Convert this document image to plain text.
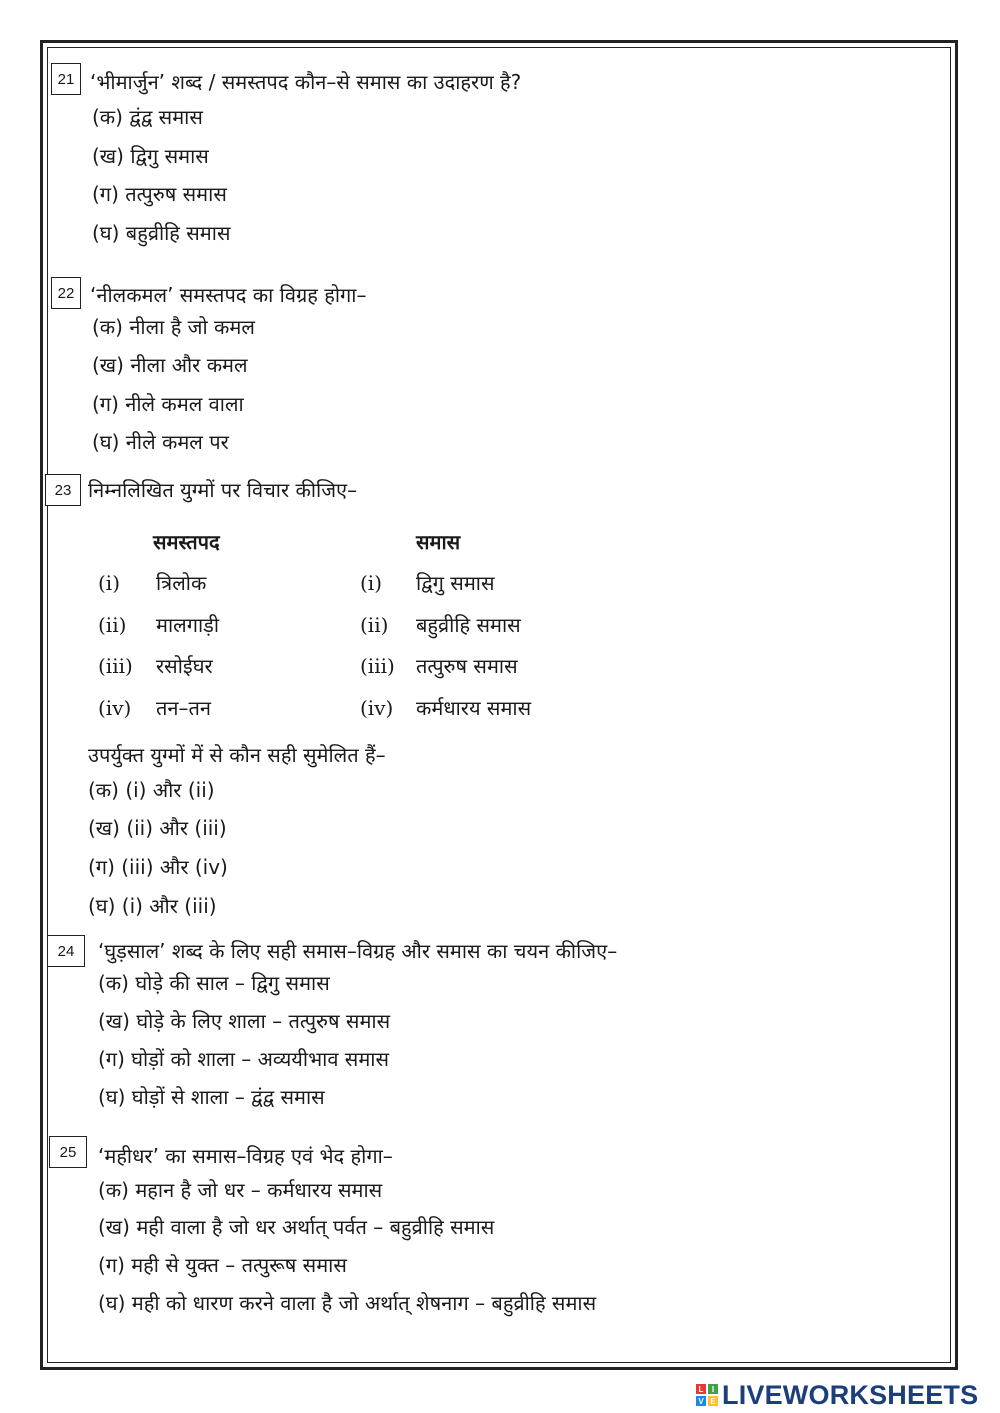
21 ‘भीमार्जुन’ शब्द / समस्तपद कौन–से समास का उदाहरण है?
(क) द्वंद्व समास
(ख) द्विगु समास
(ग) तत्पुरुष समास
(घ) बहुव्रीहि समास
22 ‘नीलकमल’ समस्तपद का विग्रह होगा–
(क) नीला है जो कमल
(ख) नीला और कमल
(ग) नीले कमल वाला
(घ) नीले कमल पर
23 निम्नलिखित युग्मों पर विचार कीजिए–
समस्तपद	समास
(i) त्रिलोक	(i) द्विगु समास
(ii) मालगाड़ी	(ii) बहुव्रीहि समास
(iii) रसोईघर	(iii) तत्पुरुष समास
(iv) तन–तन	(iv) कर्मधारय समास
उपर्युक्त युग्मों में से कौन सही सुमेलित हैं–
(क) (i) और (ii)
(ख) (ii) और (iii)
(ग) (iii) और (iv)
(घ) (i) और (iii)
24	‘घुड़साल’ शब्द के लिए सही समास–विग्रह और समास का चयन कीजिए–
(क) घोड़े की साल – द्विगु समास
(ख) घोड़े के लिए शाला – तत्पुरुष समास
(ग) घोड़ों को शाला – अव्ययीभाव समास
(घ) घोड़ों से शाला – द्वंद्व समास
25	‘महीधर’ का समास–विग्रह एवं भेद होगा–
(क) महान है जो धर – कर्मधारय समास
(ख) मही वाला है जो धर अर्थात् पर्वत – बहुव्रीहि समास
(ग) मही से युक्त – तत्पुरूष समास
(घ) मही को धारण करने वाला है जो अर्थात् शेषनाग – बहुव्रीहि समास
L	I
V E LIVEWORKSHEETS
